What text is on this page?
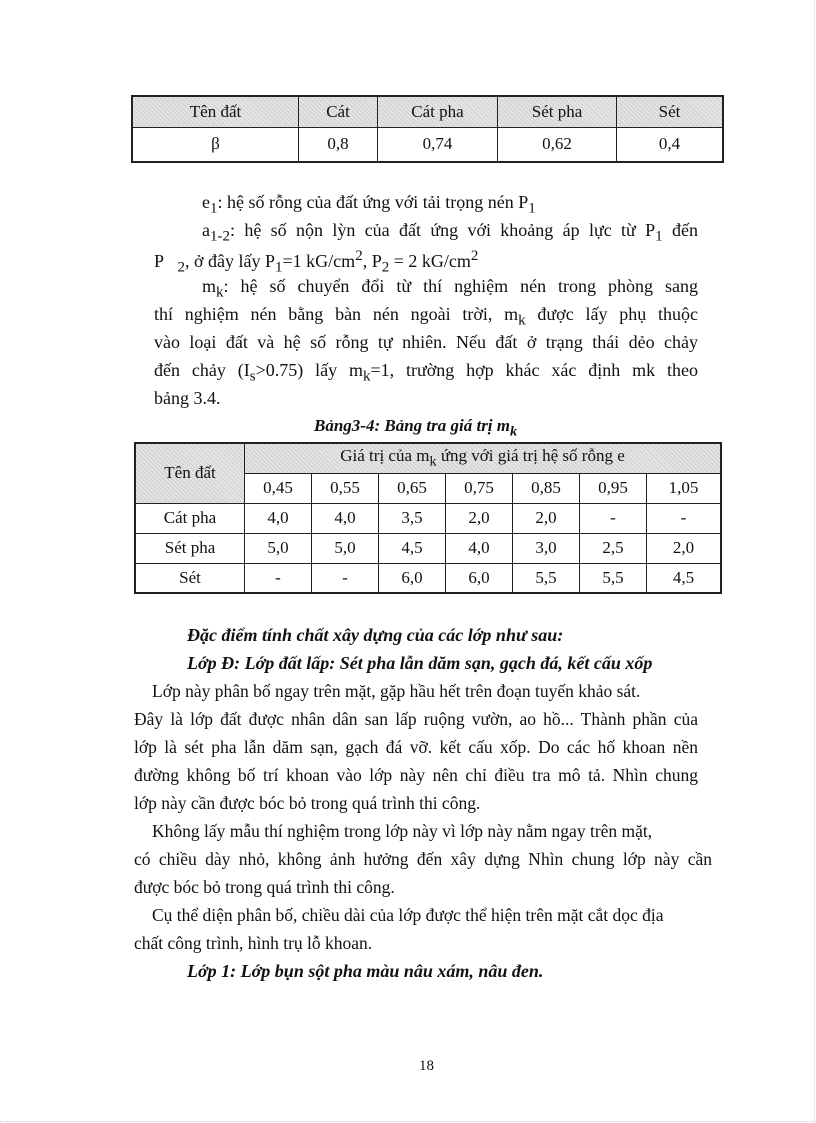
Tên đất	Cát	Cát pha	Sét pha	Sét
β	0,8	0,74	0,62	0,4
$e_1$: hệ số rỗng của đất ứng với tải trọng nén $P_1$
$a_{1-2}$: hệ số nộn lỳn của đất ứng với khoảng áp lực từ $P_1$ đến
P $_2$, ở đây lấy $P_1=1$ $kG/cm^2$, $P_2 = 2$ $kG/cm^2$
$m_k$: hệ số chuyển đổi từ thí nghiệm nén trong phòng sang
thí nghiệm nén bằng bàn nén ngoài trời, $m_k$ được lấy phụ thuộc
vào loại đất và hệ số rỗng tự nhiên. Nếu đất ở trạng thái dẻo chảy
đến chảy $(I_s>0.75)$ lấy $m_k=1$, trường hợp khác xác định mk theo
bảng 3.4.
Bảng3-4: Bảng tra giá trị $m_k$
Tên đất	Giá trị của $m_k$ ứng với giá trị hệ số rỗng e						
	0,45	0,55	0,65	0,75	0,85	0,95	1,05
Cát pha	4,0	4,0	3,5	2,0	2,0	-	-
Sét pha	5,0	5,0	4,5	4,0	3,0	2,5	2,0
Sét	-	-	6,0	6,0	5,5	5,5	4,5
Đặc điểm tính chất xây dựng của các lớp như sau:
Lớp Đ: Lớp đất lấp: Sét pha lẫn dăm sạn, gạch đá, kết cấu xốp
Lớp này phân bố ngay trên mặt, gặp hầu hết trên đoạn tuyến khảo sát.
Đây là lớp đất được nhân dân san lấp ruộng vườn, ao hồ... Thành phần của
lớp là sét pha lẫn dăm sạn, gạch đá vỡ. kết cấu xốp. Do các hố khoan nền
đường không bố trí khoan vào lớp này nên chỉ điều tra mô tả. Nhìn chung
lớp này cần được bóc bỏ trong quá trình thi công.
Không lấy mẫu thí nghiệm trong lớp này vì lớp này nằm ngay trên mặt,
có chiều dày nhỏ, không ảnh hưởng đến xây dựng Nhìn chung lớp này cần
được bóc bỏ trong quá trình thi công.
Cụ thể diện phân bố, chiều dài của lớp được thể hiện trên mặt cắt dọc địa
chất công trình, hình trụ lỗ khoan.
Lớp 1: Lớp bụn sột pha màu nâu xám, nâu đen.
18
